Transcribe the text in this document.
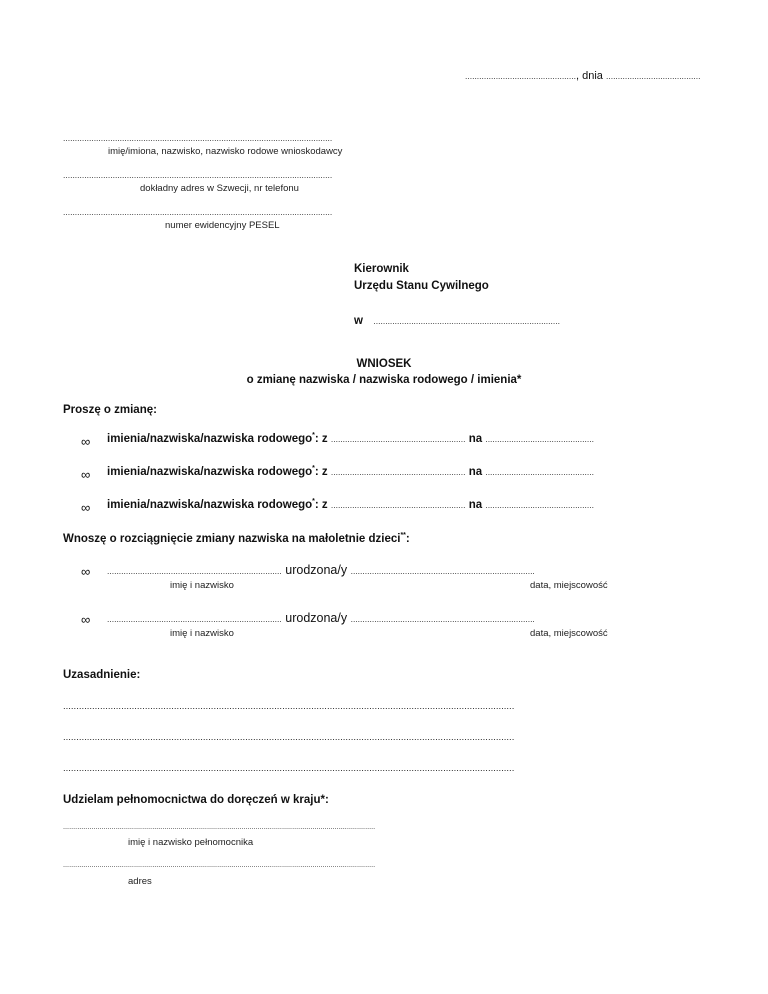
..............................................., dnia ........................................
..................................................................................................................
imię/imiona, nazwisko, nazwisko rodowe wnioskodawcy
..................................................................................................................
dokładny adres w Szwecji, nr telefonu
..................................................................................................................
numer ewidencyjny PESEL
Kierownik
Urzędu Stanu Cywilnego
w ...............................................................................
WNIOSEK
o zmianę nazwiska / nazwiska rodowego / imienia*
Proszę o zmianę:
∞ imienia/nazwiska/nazwiska rodowego*: z ......................................................... na ..............................................
∞ imienia/nazwiska/nazwiska rodowego*: z ......................................................... na ..............................................
∞ imienia/nazwiska/nazwiska rodowego*: z ......................................................... na ..............................................
Wnoszę o rozciągnięcie zmiany nazwiska na małoletnie dzieci**:
∞ .......................................................................... urodzona/y ..............................................................................
imię i nazwisko	data, miejscowość
∞ .......................................................................... urodzona/y ..............................................................................
imię i nazwisko	data, miejscowość
Uzasadnienie:
...........................................................................................................................................................................
...........................................................................................................................................................................
...........................................................................................................................................................................
Udzielam pełnomocnictwa do doręczeń w kraju*:
..........................................................................................................................................................
imię i nazwisko pełnomocnika
..........................................................................................................................................................
adres
